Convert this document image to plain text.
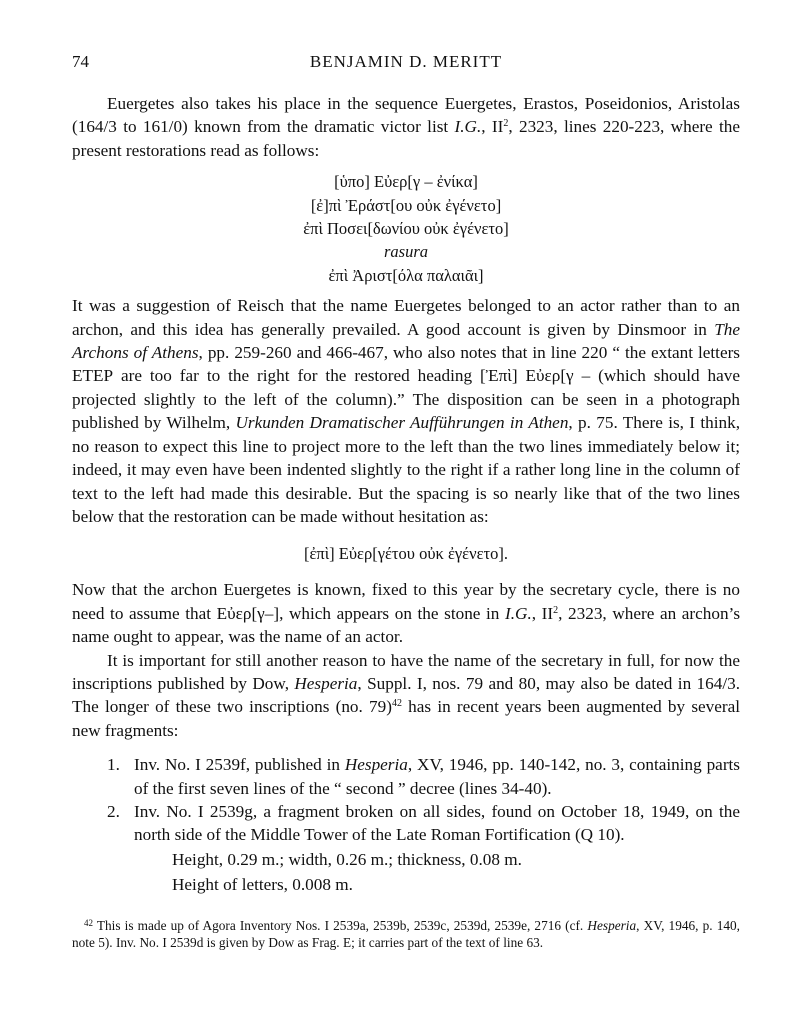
74	BENJAMIN D. MERITT

Euergetes also takes his place in the sequence Euergetes, Erastos, Poseidonios, Aristolas (164/3 to 161/0) known from the dramatic victor list I.G., $II^2$, 2323, lines 220-223, where the present restorations read as follows:

[ὑπο] Εὐερ[γ – ἐνίκα]
[ἐ]πὶ Ἐράστ[ου οὐκ ἐγένετο]
ἐπὶ Ποσει[δωνίου οὐκ ἐγένετο]
rasura
ἐπὶ Ἀριστ[όλα παλαιᾶι]

It was a suggestion of Reisch that the name Euergetes belonged to an actor rather than to an archon, and this idea has generally prevailed. A good account is given by Dinsmoor in The Archons of Athens, pp. 259-260 and 466-467, who also notes that in line 220 “ the extant letters ΕΤΕΡ are too far to the right for the restored heading [Ἐπὶ] Εὐερ[γ – (which should have projected slightly to the left of the column).” The disposition can be seen in a photograph published by Wilhelm, Urkunden Dramatischer Aufführungen in Athen, p. 75. There is, I think, no reason to expect this line to project more to the left than the two lines immediately below it; indeed, it may even have been indented slightly to the right if a rather long line in the column of text to the left had made this desirable. But the spacing is so nearly like that of the two lines below that the restoration can be made without hesitation as:

[ἐπὶ] Εὐερ[γέτου οὐκ ἐγένετο].

Now that the archon Euergetes is known, fixed to this year by the secretary cycle, there is no need to assume that Εὐερ[γ–], which appears on the stone in I.G., $II^2$, 2323, where an archon’s name ought to appear, was the name of an actor.

It is important for still another reason to have the name of the secretary in full, for now the inscriptions published by Dow, Hesperia, Suppl. I, nos. 79 and 80, may also be dated in 164/3. The longer of these two inscriptions (no. 79)$^{42}$ has in recent years been augmented by several new fragments:

1. Inv. No. I 2539f, published in Hesperia, XV, 1946, pp. 140-142, no. 3, containing parts of the first seven lines of the “ second ” decree (lines 34-40).
2. Inv. No. I 2539g, a fragment broken on all sides, found on October 18, 1949, on the north side of the Middle Tower of the Late Roman Fortification (Q 10).
Height, 0.29 m.; width, 0.26 m.; thickness, 0.08 m.
Height of letters, 0.008 m.

$^{42}$ This is made up of Agora Inventory Nos. I 2539a, 2539b, 2539c, 2539d, 2539e, 2716 (cf. Hesperia, XV, 1946, p. 140, note 5). Inv. No. I 2539d is given by Dow as Frag. E; it carries part of the text of line 63.
